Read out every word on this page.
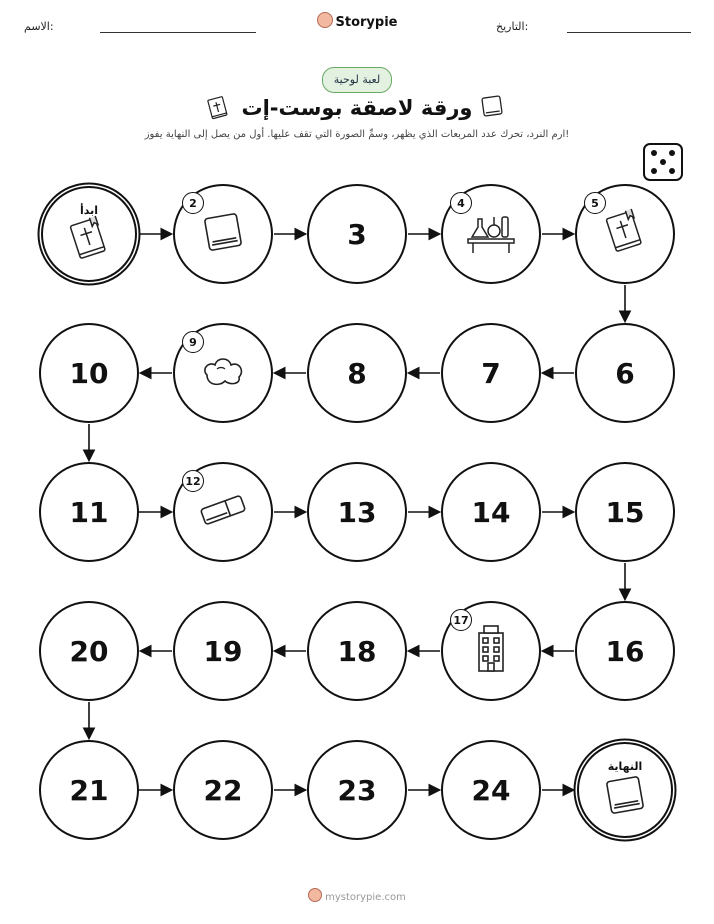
الاسم:	Storypie	التاريخ:
لعبة لوحية
ورقة لاصقة بوست-إت
ارم النرد، تحرك عدد المربعات الذي يظهر، وسمِّ الصورة التي تقف عليها. أول من يصل إلى النهاية يفوز!
ابدأ
2
3
4	5
6
7
8
9
10
11
12
13	14	15
16
17
18
19
20
21	22	23	24
النهاية
mystorypie.com
